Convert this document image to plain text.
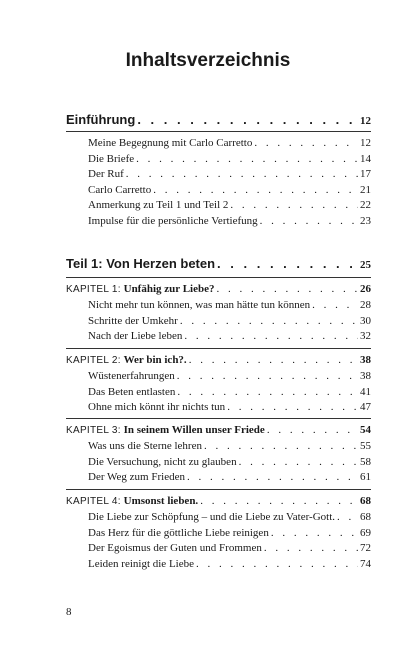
Inhaltsverzeichnis
Einführung . . .	12
Meine Begegnung mit Carlo Carretto . . .	12
Die Briefe . . .	14
Der Ruf . . .	17
Carlo Carretto . . .	21
Anmerkung zu Teil 1 und Teil 2 . . .	22
Impulse für die persönliche Vertiefung . . .	23
Teil 1: Von Herzen beten . . .	25
KAPITEL 1: Unfähig zur Liebe? . . .	26
Nicht mehr tun können, was man hätte tun können . . .	28
Schritte der Umkehr . . .	30
Nach der Liebe leben . . .	32
KAPITEL 2: Wer bin ich?. . . .	38
Wüstenerfahrungen . . .	38
Das Beten entlasten . . .	41
Ohne mich könnt ihr nichts tun . . .	47
KAPITEL 3: In seinem Willen unser Friede . . .	54
Was uns die Sterne lehren . . .	55
Die Versuchung, nicht zu glauben . . .	58
Der Weg zum Frieden . . .	61
KAPITEL 4: Umsonst lieben. . . .	68
Die Liebe zur Schöpfung – und die Liebe zu Vater-Gott. . . . 68
Das Herz für die göttliche Liebe reinigen . . .	69
Der Egoismus der Guten und Frommen . . .	72
Leiden reinigt die Liebe . . .	74
8
